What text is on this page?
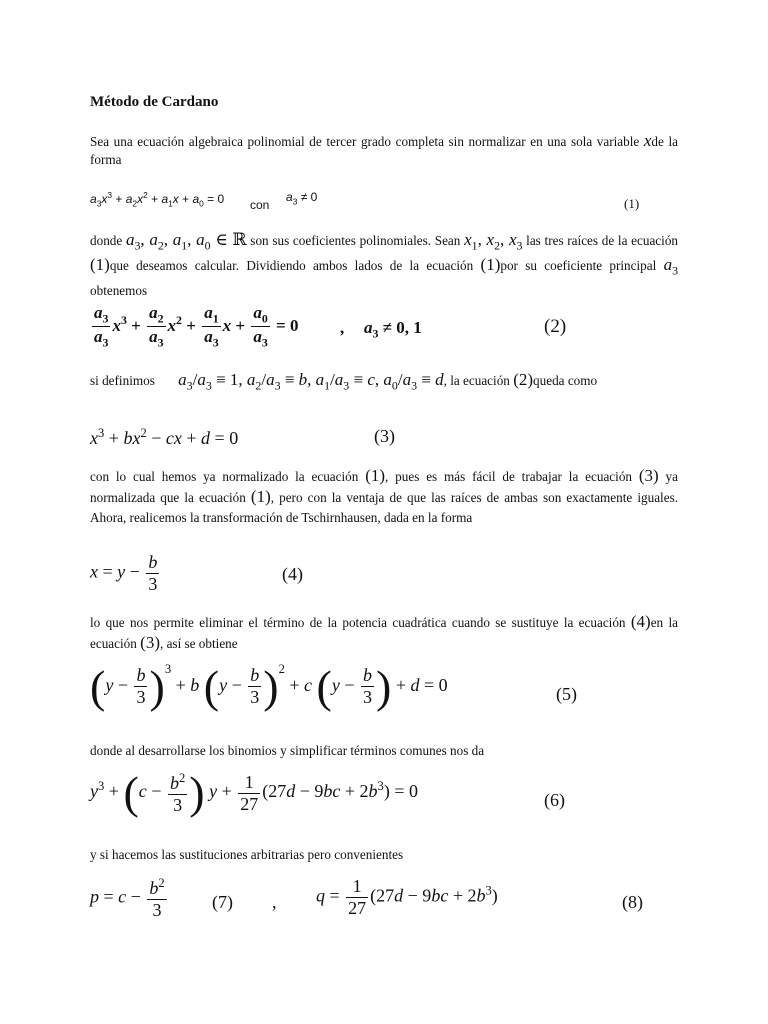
Método de Cardano
Sea una ecuación algebraica polinomial de tercer grado completa sin normalizar en una sola variable xde la forma
$a_3x^3 + a_2x^2 + a_1x + a_0 = 0$ con
$a_3 \ne 0$	(1)
donde $a_3$, $a_2$, $a_1$, $a_0$ ∈ ℝ son sus coeficientes polinomiales. Sean $x_1$, $x_2$, $x_3$ las tres raíces de la ecuación (1)que deseamos calcular. Dividiendo ambos lados de la ecuación (1)por su coeficiente principal $a_3$ obtenemos
$\frac{a_3}{a_3} x^3 + \frac{a_2}{a_3} x^2 + \frac{a_1}{a_3}$ $x + \frac{a_0}{a_3} = 0$ , $a_3 \ne 0$, 1	(2)
si definimos $a_3/a_3 \equiv 1$, $a_2/a_3 \equiv b$, $a_1/a_3 \equiv c$, $a_0/a_3 \equiv d$, la ecuación (2)queda como
$x^3 + bx^2$ − cx + d = 0	(3)
con lo cual hemos ya normalizado la ecuación (1), pues es más fácil de trabajar la ecuación (3) ya normalizada que la ecuación (1), pero con la ventaja de que las raíces de ambas son exactamente iguales. Ahora, realicemos la transformación de Tschirnhausen, dada en la forma
$x = y - \frac{b}{3}$	(4)
lo que nos permite eliminar el término de la potencia cuadrática cuando se sustituye la ecuación (4)en la ecuación (3), así se obtiene
$(y - \frac{b}{3} )^3 + b$ $(y - \frac{b}{3} )^2 + c$ ($y - \frac{b}{3}$ ) + d = 0	(5)
donde al desarrollarse los binomios y simplificar términos comunes nos da
$y^3 + (c - \frac{b^2}{3}$ ) $y + \frac{1}{27} (27d - 9bc + 2b^3) = 0$	(6)
y si hacemos las sustituciones arbitrarias pero convenientes
$p = c - \frac{b^2}{3}$	(7) , $q = \frac{1}{27} (27d - 9bc + 2b^3)$	(8)
